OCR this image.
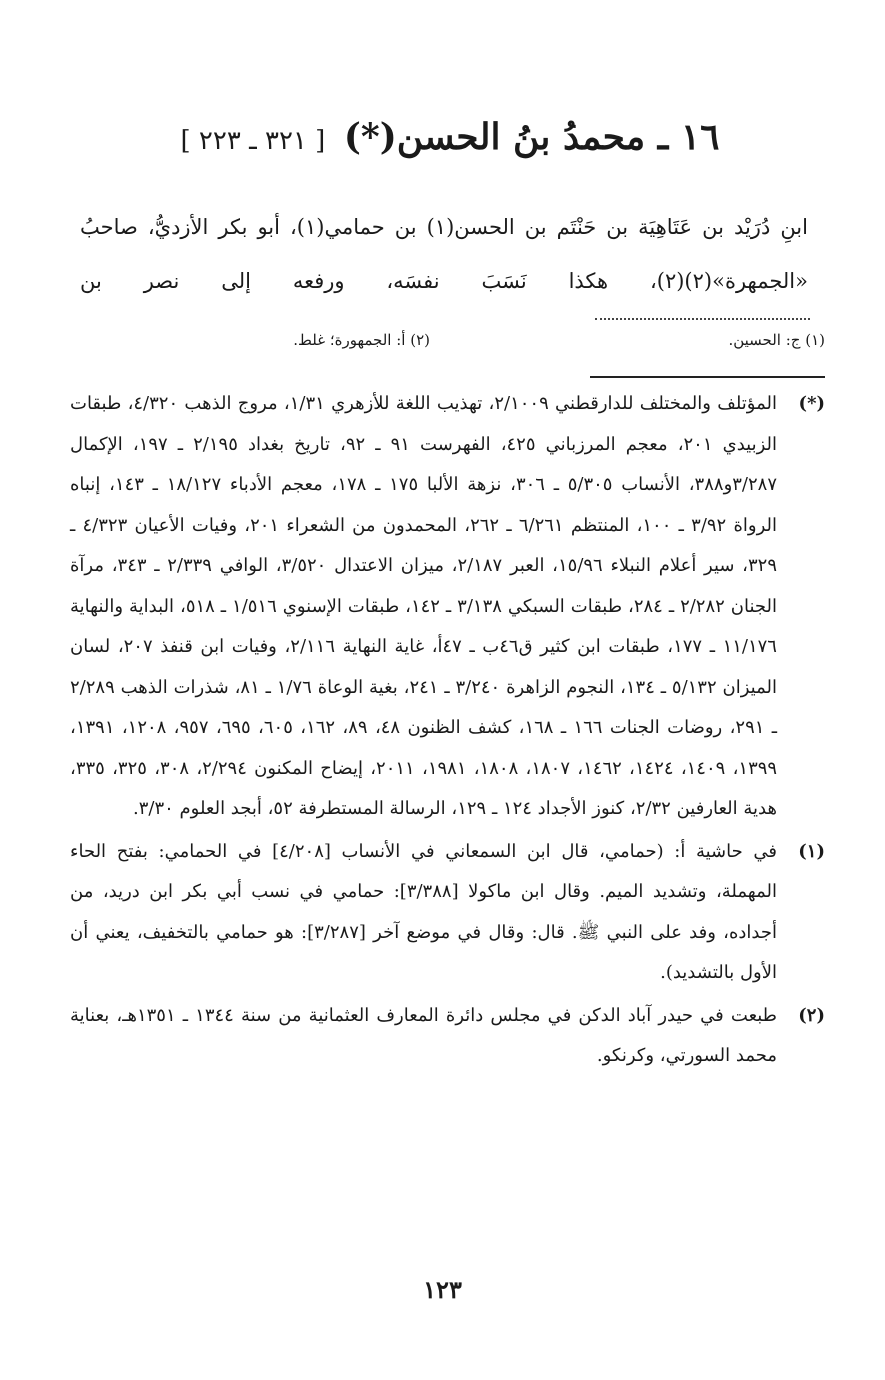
١٦ ـ محمدُ بنُ الحسن(*) [ ٣٢١ ـ ٢٢٣ ]

ابنِ دُرَيْد بن عَتَاهِيَة بن حَنْتَم بن الحسن(١) بن حمامي(١)، أبو بكر الأزديُّ، صاحبُ «الجمهرة»(٢)(٢)، هكذا نَسَبَ نفسَه، ورفعه إلى نصر بن

(١) ج: الحسين.
(٢) أ: الجمهورة؛ غلط.
(*)
المؤتلف والمختلف للدارقطني ٢/١٠٠٩، تهذيب اللغة للأزهري ١/٣١، مروج الذهب ٤/٣٢٠، طبقات الزبيدي ٢٠١، معجم المرزباني ٤٢٥، الفهرست ٩١ ـ ٩٢، تاريخ بغداد ٢/١٩٥ ـ ١٩٧، الإكمال ٣/٢٨٧و٣٨٨، الأنساب ٥/٣٠٥ ـ ٣٠٦، نزهة الألبا ١٧٥ ـ ١٧٨، معجم الأدباء ١٨/١٢٧ ـ ١٤٣، إنباه الرواة ٣/٩٢ ـ ١٠٠، المنتظم ٦/٢٦١ ـ ٢٦٢، المحمدون من الشعراء ٢٠١، وفيات الأعيان ٤/٣٢٣ ـ ٣٢٩، سير أعلام النبلاء ١٥/٩٦، العبر ٢/١٨٧، ميزان الاعتدال ٣/٥٢٠، الوافي ٢/٣٣٩ ـ ٣٤٣، مرآة الجنان ٢/٢٨٢ ـ ٢٨٤، طبقات السبكي ٣/١٣٨ ـ ١٤٢، طبقات الإسنوي ١/٥١٦ ـ ٥١٨، البداية والنهاية ١١/١٧٦ ـ ١٧٧، طبقات ابن كثير ق٤٦ب ـ ٤٧أ، غاية النهاية ٢/١١٦، وفيات ابن قنفذ ٢٠٧، لسان الميزان ٥/١٣٢ ـ ١٣٤، النجوم الزاهرة ٣/٢٤٠ ـ ٢٤١، بغية الوعاة ١/٧٦ ـ ٨١، شذرات الذهب ٢/٢٨٩ ـ ٢٩١، روضات الجنات ١٦٦ ـ ١٦٨، كشف الظنون ٤٨، ٨٩، ١٦٢، ٦٠٥، ٦٩٥، ٩٥٧، ١٢٠٨، ١٣٩١، ١٣٩٩، ١٤٠٩، ١٤٢٤، ١٤٦٢، ١٨٠٧، ١٨٠٨، ١٩٨١، ٢٠١١، إيضاح المكنون ٢/٢٩٤، ٣٠٨، ٣٢٥، ٣٣٥، هدية العارفين ٢/٣٢، كنوز الأجداد ١٢٤ ـ ١٢٩، الرسالة المستطرفة ٥٢، أبجد العلوم ٣/٣٠.
(١)
في حاشية أ: (حمامي، قال ابن السمعاني في الأنساب [٤/٢٠٨] في الحمامي: بفتح الحاء المهملة، وتشديد الميم. وقال ابن ماكولا [٣/٣٨٨]: حمامي في نسب أبي بكر ابن دريد، من أجداده، وفد على النبي ﷺ. قال: وقال في موضع آخر [٣/٢٨٧]: هو حمامي بالتخفيف، يعني أن الأول بالتشديد).
(٢)
طبعت في حيدر آباد الدكن في مجلس دائرة المعارف العثمانية من سنة ١٣٤٤ ـ ١٣٥١هـ، بعناية محمد السورتي، وكرنكو.
١٢٣
